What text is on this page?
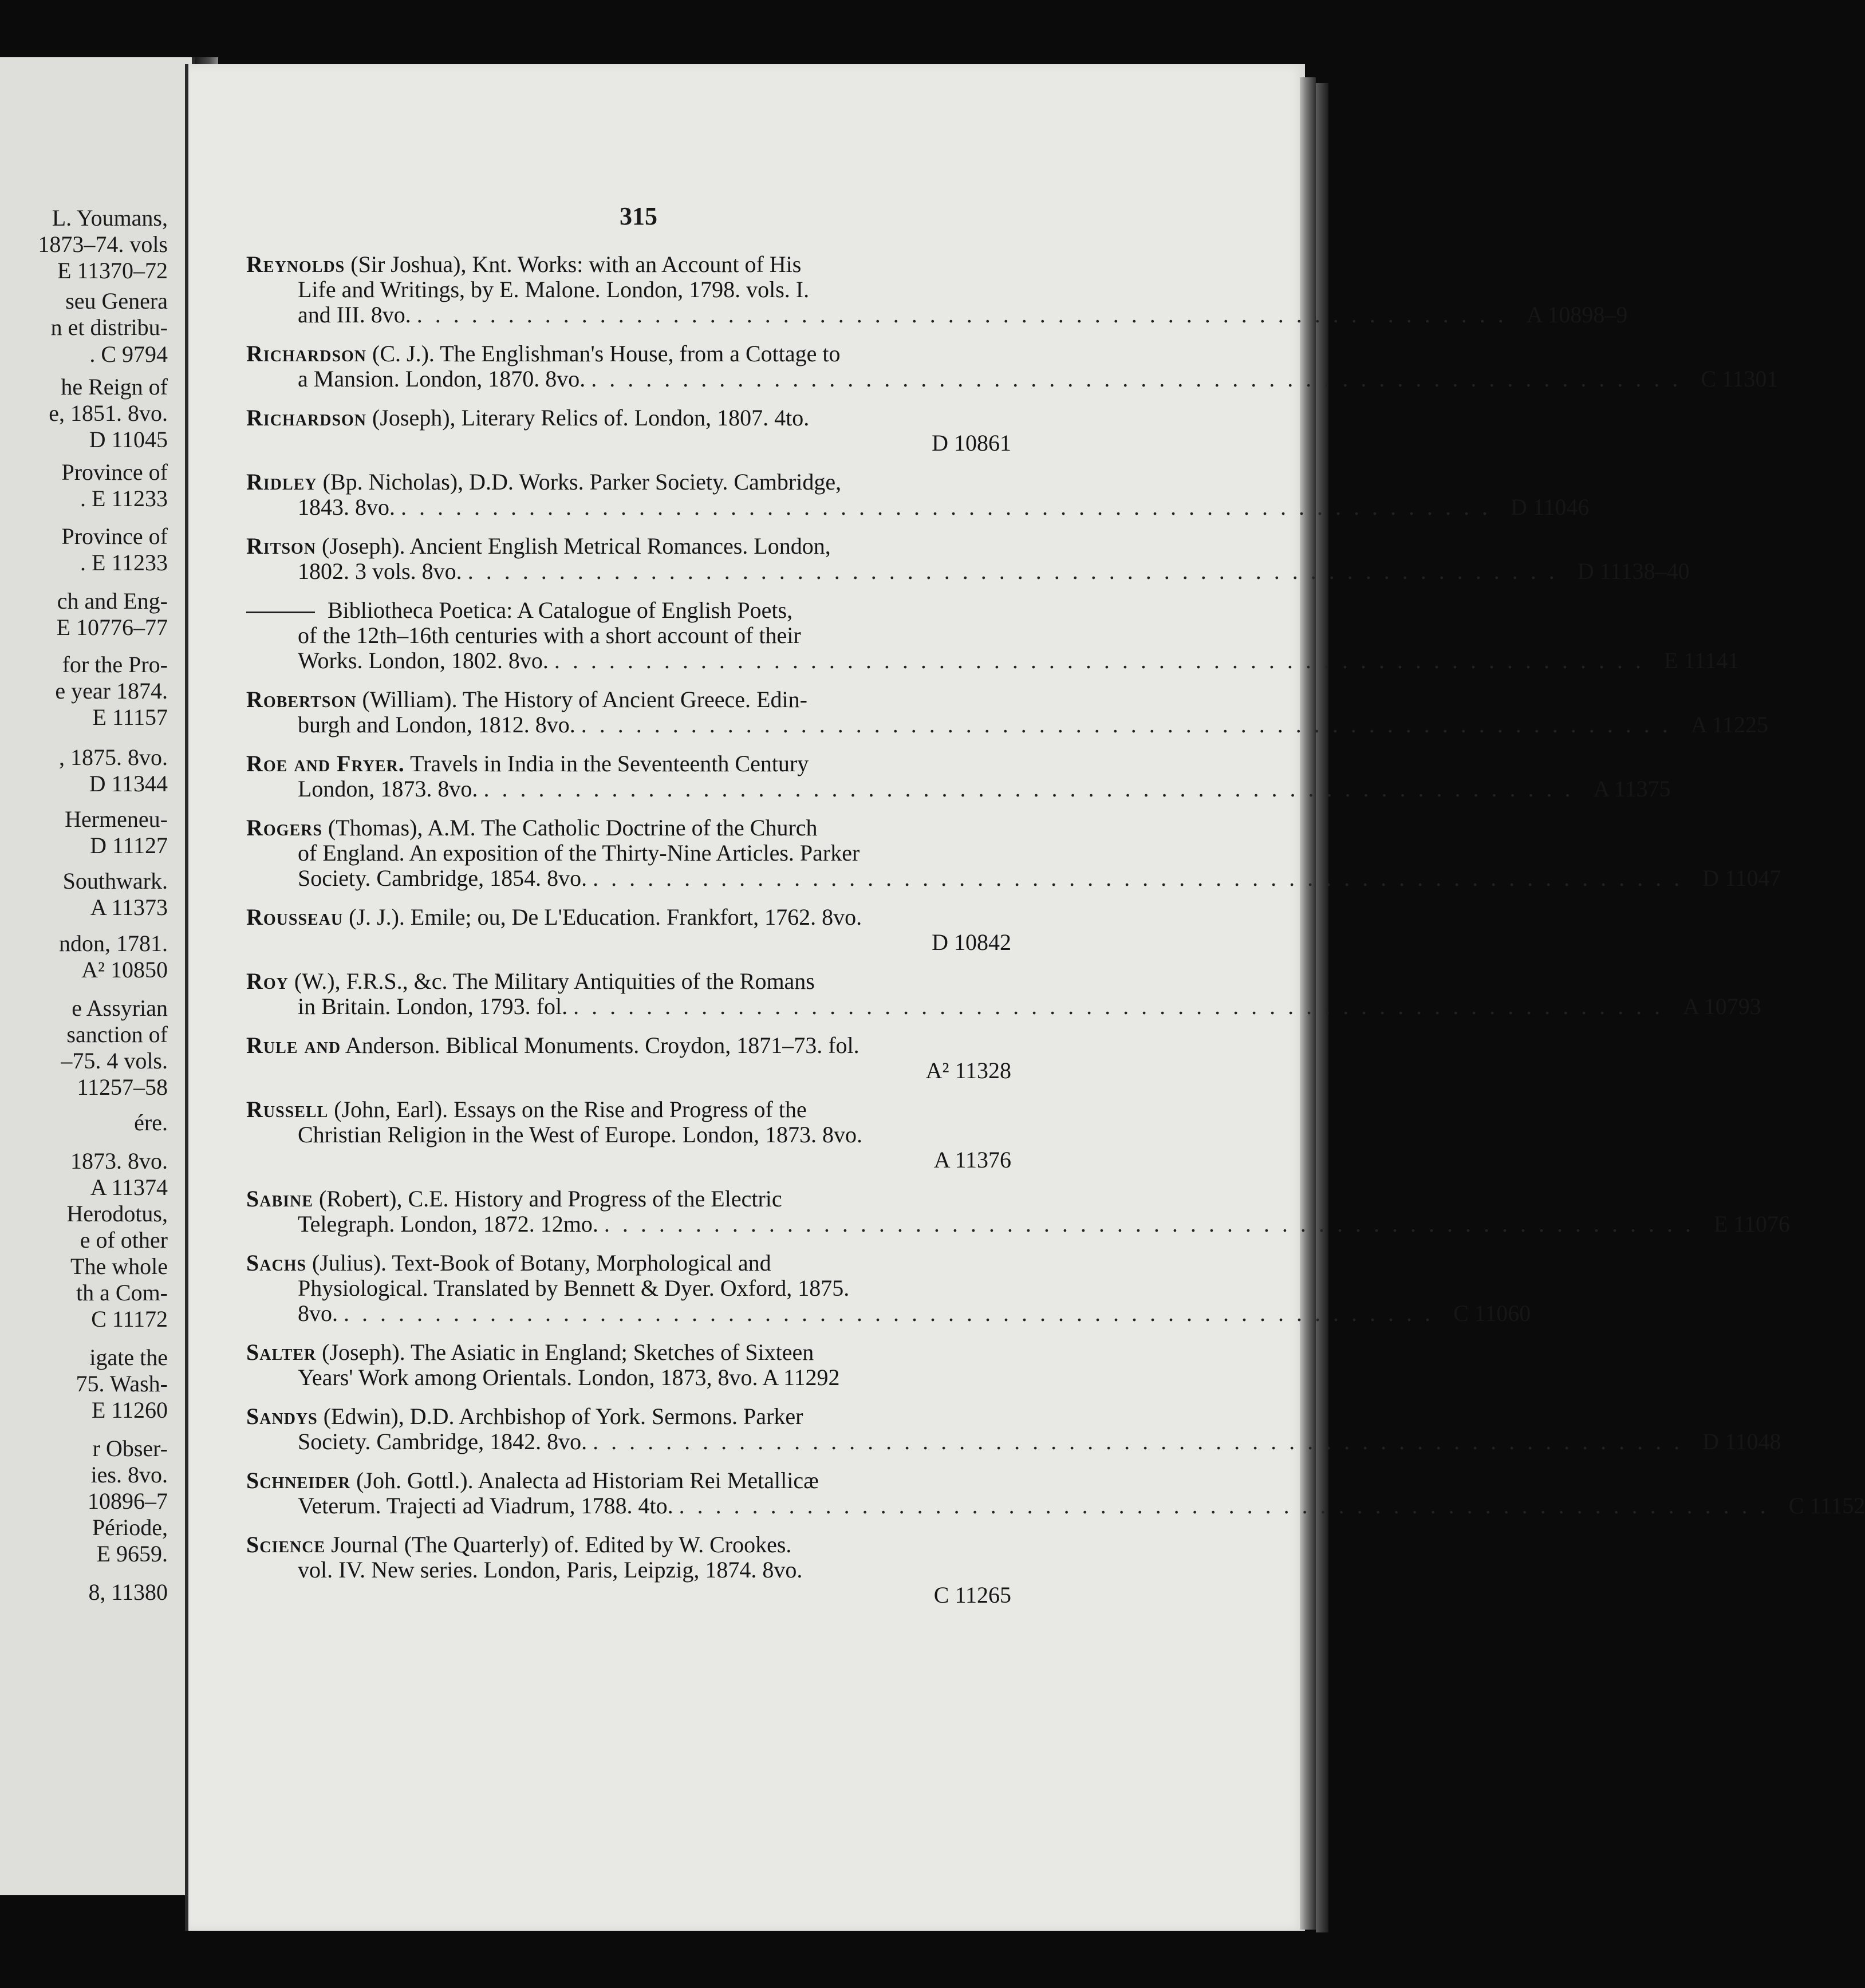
L. Youmans,
1873–74. vols
E 11370–72
seu Genera
n et distribu-
. C 9794
he Reign of
e, 1851. 8vo.
D 11045
Province of
. E 11233
Province of
. E 11233
ch and Eng-
E 10776–77
for the Pro-
e year 1874.
E 11157
, 1875. 8vo.
D 11344
Hermeneu-
D 11127
Southwark.
A 11373
ndon, 1781.
A² 10850
e Assyrian
sanction of
–75. 4 vols.
11257–58
ére.
1873. 8vo.
A 11374
Herodotus,
e of other
The whole
th a Com-
C 11172
igate the
75. Wash-
E 11260
r Obser-
ies. 8vo.
10896–7
Période,
E 9659.
8, 11380
315
Reynolds (Sir Joshua), Knt. Works: with an Account of His
Life and Writings, by E. Malone. London, 1798. vols. I.
and III. 8vo. ............................................................ A 10898–9
Richardson (C. J.). The Englishman's House, from a Cottage to
a Mansion. London, 1870. 8vo. ............................................................ C 11301
Richardson (Joseph), Literary Relics of. London, 1807. 4to.
D 10861
Ridley (Bp. Nicholas), D.D. Works. Parker Society. Cambridge,
1843. 8vo. ............................................................ D 11046
Ritson (Joseph). Ancient English Metrical Romances. London,
1802. 3 vols. 8vo. ............................................................ D 11138–40
Bibliotheca Poetica: A Catalogue of English Poets,
of the 12th–16th centuries with a short account of their
Works. London, 1802. 8vo. ............................................................ E 11141
Robertson (William). The History of Ancient Greece. Edin-
burgh and London, 1812. 8vo. ............................................................ A 11225
Roe and Fryer. Travels in India in the Seventeenth Century
London, 1873. 8vo. ............................................................ A 11375
Rogers (Thomas), A.M. The Catholic Doctrine of the Church
of England. An exposition of the Thirty-Nine Articles. Parker
Society. Cambridge, 1854. 8vo. ............................................................ D 11047
Rousseau (J. J.). Emile; ou, De L'Education. Frankfort, 1762. 8vo.
D 10842
Roy (W.), F.R.S., &c. The Military Antiquities of the Romans
in Britain. London, 1793. fol. ............................................................ A 10793
Rule and Anderson. Biblical Monuments. Croydon, 1871–73. fol.
A² 11328
Russell (John, Earl). Essays on the Rise and Progress of the
Christian Religion in the West of Europe. London, 1873. 8vo.
A 11376
Sabine (Robert), C.E. History and Progress of the Electric
Telegraph. London, 1872. 12mo. ............................................................ E 11076
Sachs (Julius). Text-Book of Botany, Morphological and
Physiological. Translated by Bennett & Dyer. Oxford, 1875.
8vo. ............................................................ C 11060
Salter (Joseph). The Asiatic in England; Sketches of Sixteen
Years' Work among Orientals. London, 1873, 8vo. A 11292
Sandys (Edwin), D.D. Archbishop of York. Sermons. Parker
Society. Cambridge, 1842. 8vo. ............................................................ D 11048
Schneider (Joh. Gottl.). Analecta ad Historiam Rei Metallicæ
Veterum. Trajecti ad Viadrum, 1788. 4to. ............................................................ C 11152
Science Journal (The Quarterly) of. Edited by W. Crookes.
vol. IV. New series. London, Paris, Leipzig, 1874. 8vo.
C 11265
